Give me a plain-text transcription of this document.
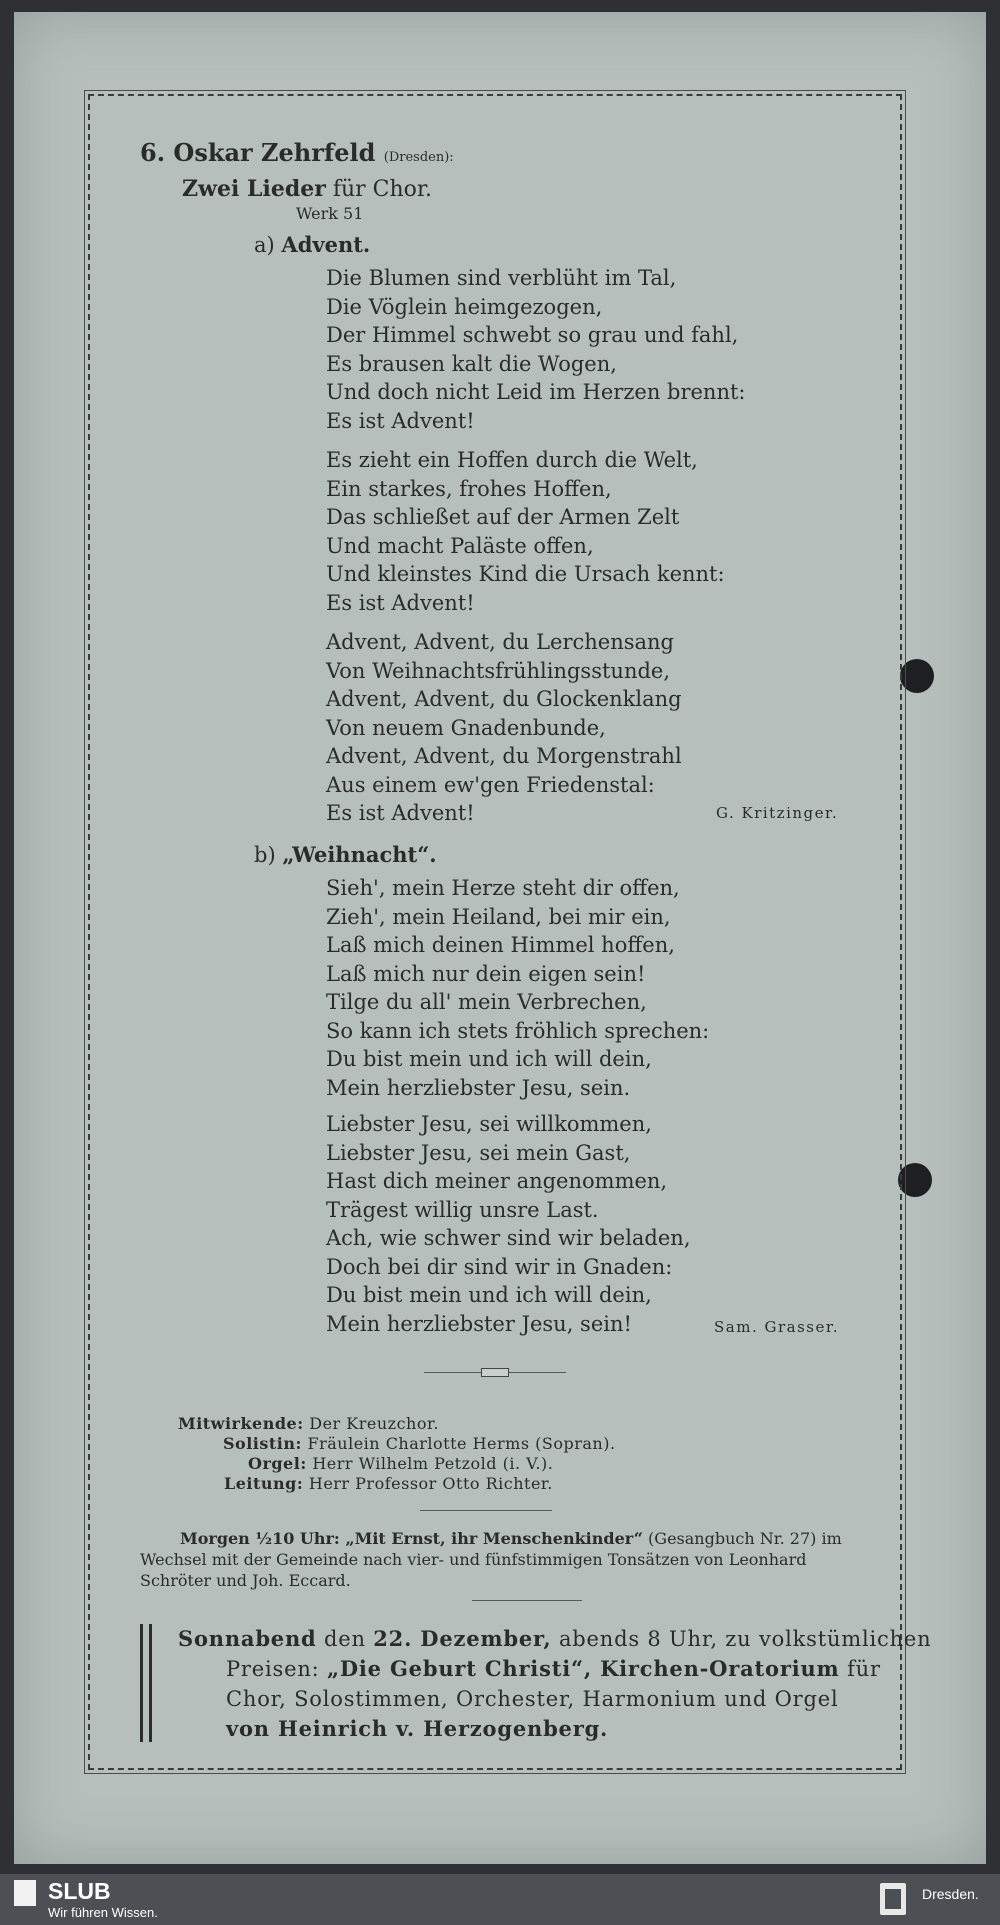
6. Oskar Zehrfeld (Dresden):
Zwei Lieder für Chor.
Werk 51
a) Advent.
Die Blumen sind verblüht im Tal,
Die Vöglein heimgezogen,
Der Himmel schwebt so grau und fahl,
Es brausen kalt die Wogen,
Und doch nicht Leid im Herzen brennt:
Es ist Advent!
Es zieht ein Hoffen durch die Welt,
Ein starkes, frohes Hoffen,
Das schließet auf der Armen Zelt
Und macht Paläste offen,
Und kleinstes Kind die Ursach kennt:
Es ist Advent!
Advent, Advent, du Lerchensang
Von Weihnachtsfrühlingsstunde,
Advent, Advent, du Glockenklang
Von neuem Gnadenbunde,
Advent, Advent, du Morgenstrahl
Aus einem ew'gen Friedenstal:
Es ist Advent!	G. Kritzinger.
b) „Weihnacht“.
Sieh', mein Herze steht dir offen,
Zieh', mein Heiland, bei mir ein,
Laß mich deinen Himmel hoffen,
Laß mich nur dein eigen sein!
Tilge du all' mein Verbrechen,
So kann ich stets fröhlich sprechen:
Du bist mein und ich will dein,
Mein herzliebster Jesu, sein.
Liebster Jesu, sei willkommen,
Liebster Jesu, sei mein Gast,
Hast dich meiner angenommen,
Trägest willig unsre Last.
Ach, wie schwer sind wir beladen,
Doch bei dir sind wir in Gnaden:
Du bist mein und ich will dein,
Mein herzliebster Jesu, sein!	Sam. Grasser.
Mitwirkende: Der Kreuzchor.
Solistin: Fräulein Charlotte Herms (Sopran).
Orgel: Herr Wilhelm Petzold (i. V.).
Leitung: Herr Professor Otto Richter.
Morgen ½10 Uhr: „Mit Ernst, ihr Menschenkinder“ (Gesangbuch Nr. 27) im
Wechsel mit der Gemeinde nach vier- und fünfstimmigen Tonsätzen von Leonhard
Schröter und Joh. Eccard.
Sonnabend den 22. Dezember, abends 8 Uhr, zu volkstümlichen
Preisen: „Die Geburt Christi“, Kirchen-Oratorium für
Chor, Solostimmen, Orchester, Harmonium und Orgel
von Heinrich v. Herzogenberg.
SLUB
Wir führen Wissen.
Dresden.
